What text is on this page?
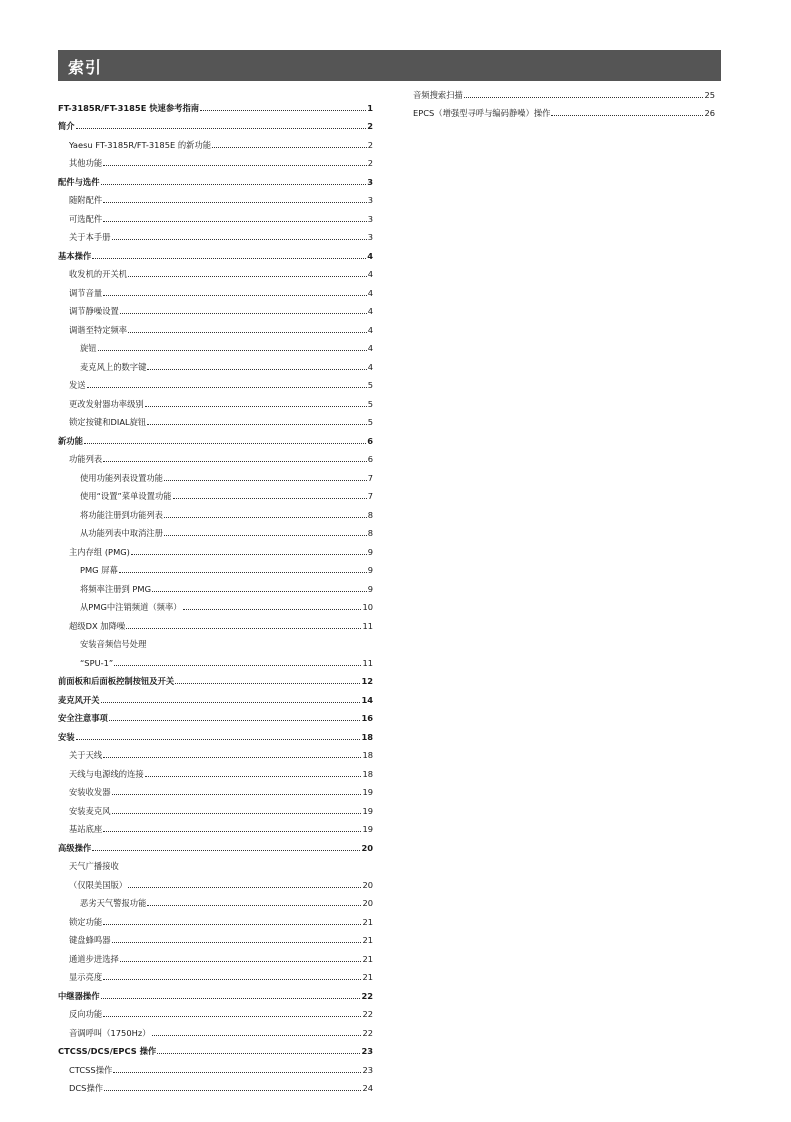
索引
FT-3185R/FT-3185E 快速参考指南	1
简介	2
Yaesu FT-3185R/FT-3185E 的新功能	2
其他功能	2
配件与选件	3
随附配件	3
可选配件	3
关于本手册	3
基本操作	4
收发机的开关机	4
调节音量	4
调节静噪设置	4
调谐至特定频率	4
旋钮	4
麦克风上的数字键	4
发送	5
更改发射器功率级别	5
锁定按键和DIAL旋钮	5
新功能	6
功能列表	6
使用功能列表设置功能	7
使用“设置”菜单设置功能	7
将功能注册到功能列表	8
从功能列表中取消注册	8
主内存组 (PMG)	9
PMG 屏幕	9
将频率注册到 PMG	9
从PMG中注销频道（频率）	10
超级DX 加降噪	11
安装音频信号处理
“SPU-1”	11
前面板和后面板控制按钮及开关	12
麦克风开关	14
安全注意事项	16
安装	18
关于天线	18
天线与电源线的连接	18
安装收发器	19
安装麦克风	19
基站底座	19
高级操作	20
天气广播接收
（仅限美国版）	20
恶劣天气警报功能	20
锁定功能	21
键盘蜂鸣器	21
通道步进选择	21
显示亮度	21
中继器操作	22
反向功能	22
音调呼叫（1750Hz）	22
CTCSS/DCS/EPCS 操作	23
CTCSS操作	23
DCS操作	24
音频搜索扫描	25
EPCS（增强型寻呼与编码静噪）操作	26
